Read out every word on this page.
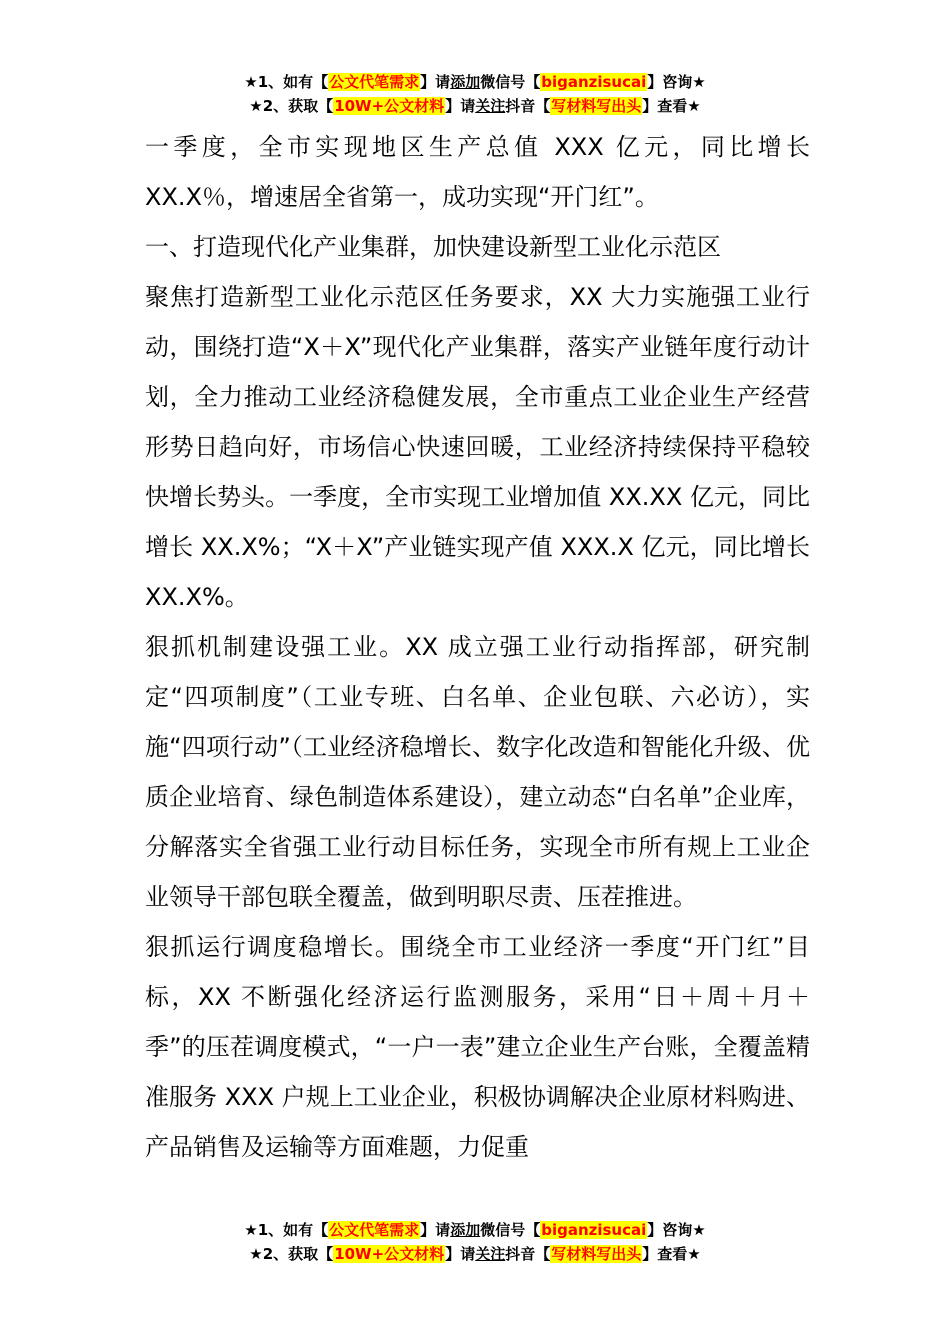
★1、如有【公文代笔需求】请添加微信号【biganzisucai】咨询★
★2、获取【10W+公文材料】请关注抖音【写材料写出头】查看★

一季度，全市实现地区生产总值 XXX 亿元，同比增长 XX.X％，增速居全省第一，成功实现“开门红”。

一、打造现代化产业集群，加快建设新型工业化示范区

聚焦打造新型工业化示范区任务要求，XX 大力实施强工业行动，围绕打造“X＋X”现代化产业集群，落实产业链年度行动计划，全力推动工业经济稳健发展，全市重点工业企业生产经营形势日趋向好，市场信心快速回暖，工业经济持续保持平稳较快增长势头。一季度，全市实现工业增加值 XX.XX 亿元，同比增长 XX.X%；“X＋X”产业链实现产值 XXX.X 亿元，同比增长 XX.X%。

狠抓机制建设强工业。XX 成立强工业行动指挥部，研究制定“四项制度”（工业专班、白名单、企业包联、六必访），实施“四项行动”（工业经济稳增长、数字化改造和智能化升级、优质企业培育、绿色制造体系建设），建立动态“白名单”企业库，分解落实全省强工业行动目标任务，实现全市所有规上工业企业领导干部包联全覆盖，做到明职尽责、压茬推进。

狠抓运行调度稳增长。围绕全市工业经济一季度“开门红”目标，XX 不断强化经济运行监测服务，采用“日＋周＋月＋季”的压茬调度模式，“一户一表”建立企业生产台账，全覆盖精准服务 XXX 户规上工业企业，积极协调解决企业原材料购进、产品销售及运输等方面难题，力促重

★1、如有【公文代笔需求】请添加微信号【biganzisucai】咨询★
★2、获取【10W+公文材料】请关注抖音【写材料写出头】查看★
